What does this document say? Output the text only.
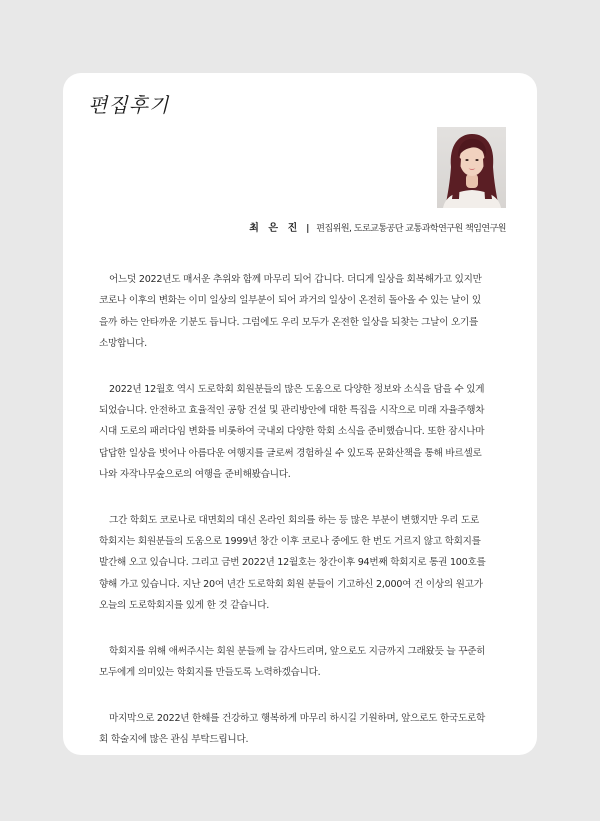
편집후기
최 은 진 | 편집위원, 도로교통공단 교통과학연구원 책임연구원

어느덧 2022년도 매서운 추위와 함께 마무리 되어 갑니다. 더디게 일상을 회복해가고 있지만
코로나 이후의 변화는 이미 일상의 일부분이 되어 과거의 일상이 온전히 돌아올 수 있는 날이 있
을까 하는 안타까운 기분도 듭니다. 그럼에도 우리 모두가 온전한 일상을 되찾는 그날이 오기를
소망합니다.

2022년 12월호 역시 도로학회 회원분들의 많은 도움으로 다양한 정보와 소식을 담을 수 있게
되었습니다. 안전하고 효율적인 공항 건설 및 관리방안에 대한 특집을 시작으로 미래 자율주행차
시대 도로의 패러다임 변화를 비롯하여 국내외 다양한 학회 소식을 준비했습니다. 또한 잠시나마
답답한 일상을 벗어나 아름다운 여행지를 글로써 경험하실 수 있도록 문화산책을 통해 바르셀로
나와 자작나무숲으로의 여행을 준비해봤습니다.

그간 학회도 코로나로 대면회의 대신 온라인 회의를 하는 등 많은 부분이 변했지만 우리 도로
학회지는 회원분들의 도움으로 1999년 창간 이후 코로나 중에도 한 번도 거르지 않고 학회지를
발간해 오고 있습니다. 그리고 금번 2022년 12월호는 창간이후 94번째 학회지로 통권 100호를
향해 가고 있습니다. 지난 20여 년간 도로학회 회원 분들이 기고하신 2,000여 건 이상의 원고가
오늘의 도로학회지를 있게 한 것 같습니다.

학회지를 위해 애써주시는 회원 분들께 늘 감사드리며, 앞으로도 지금까지 그래왔듯 늘 꾸준히
모두에게 의미있는 학회지를 만들도록 노력하겠습니다.

마지막으로 2022년 한해를 건강하고 행복하게 마무리 하시길 기원하며, 앞으로도 한국도로학
회 학술지에 많은 관심 부탁드립니다.
